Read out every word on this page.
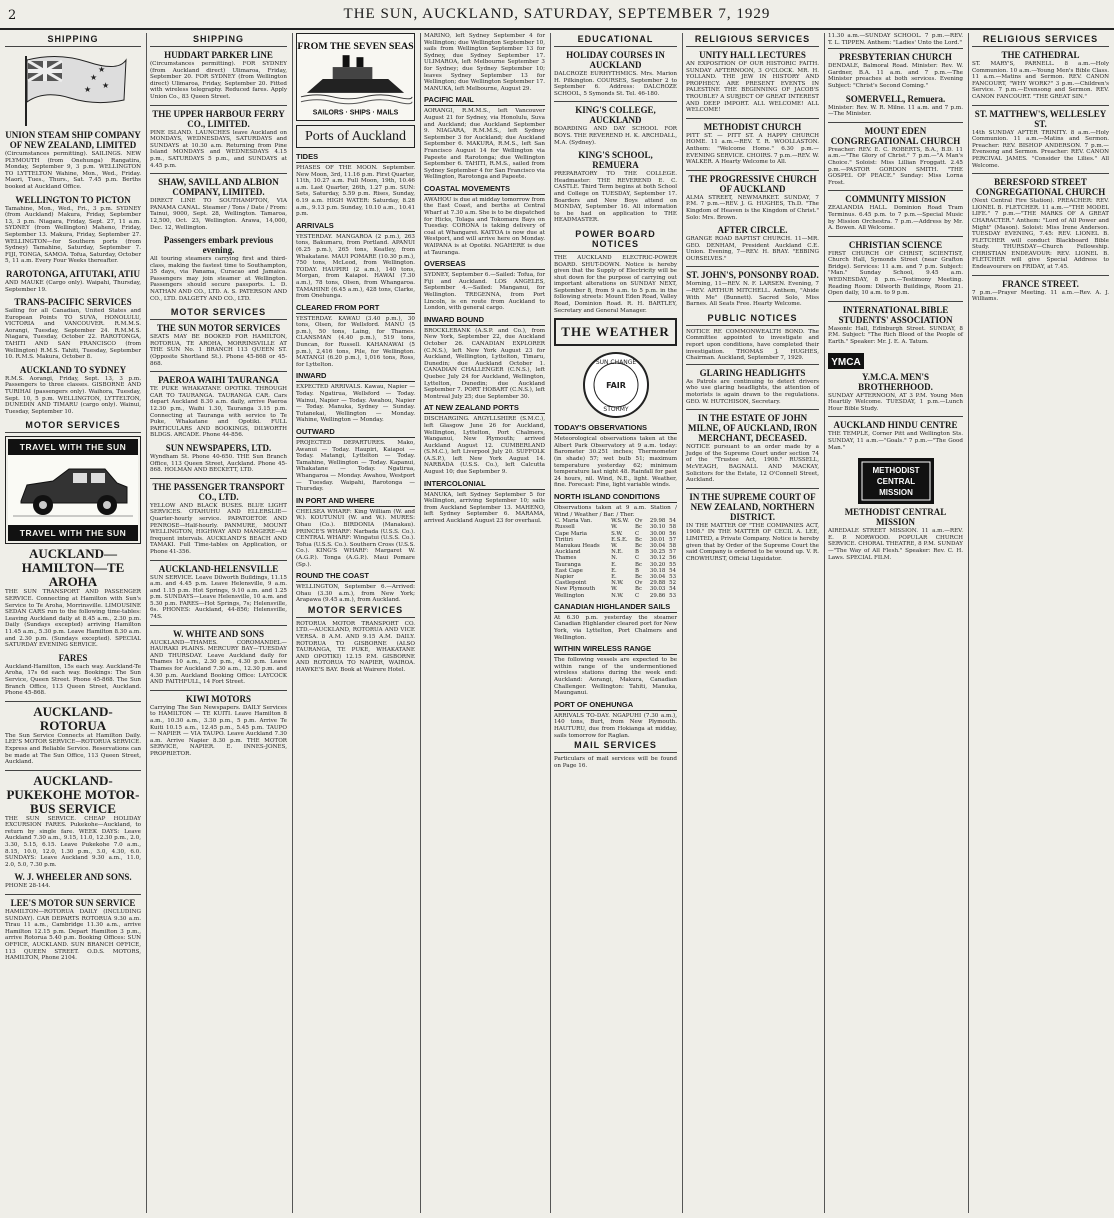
2	THE SUN, AUCKLAND, SATURDAY, SEPTEMBER 7, 1929
SHIPPING
★
★
★
★
UNION STEAM SHIP COMPANY OF NEW ZEALAND, LIMITED
(Circumstances permitting). SAILINGS. NEW PLYMOUTH (from Onehunga) Rangatira, Monday, September 9, 3 p.m. WELLINGTON TO LYTTELTON Wahine, Mon., Wed., Friday. Maori, Tues., Thurs., Sat. 7.45 p.m. Berths booked at Auckland Office.
WELLINGTON TO PICTON
Tamahine, Mon., Wed., Fri., 3 p.m. SYDNEY (from Auckland) Makura, Friday, September 13, 3 p.m. Niagara, Friday, Sept. 27, 11 a.m. SYDNEY (from Wellington) Maheno, Friday, September 13. Makura, Friday, September 27. WELLINGTON—for Southern ports (from Sydney) Tamahine, Saturday, September 7. FIJI, TONGA, SAMOA. Tofua, Saturday, October 5, 11 a.m. Every Four Weeks thereafter.
RAROTONGA, AITUTAKI, ATIU
AND MAUKE (Cargo only). Waipahi, Thursday, September 19.
TRANS-PACIFIC SERVICES
Sailing for all Canadian, United States and European Points TO SUVA, HONOLULU, VICTORIA and VANCOUVER. R.M.M.S. Aorangi, Tuesday, September 24. R.M.M.S. Niagara, Tuesday, October 22. RAROTONGA, TAHITI AND SAN FRANCISCO (from Wellington) R.M.S. Tahiti, Tuesday, September 10. R.M.S. Makura, October 8.
AUCKLAND TO SYDNEY
R.M.S. Aorangi, Friday, Sept. 13, 3 p.m. Passengers to three classes. GISBORNE AND TURIHAI (passengers only). Waihora, Tuesday, Sept. 10, 5 p.m. WELLINGTON, LYTTELTON, DUNEDIN AND TIMARU (cargo only). Wainui, Tuesday, September 10.
MOTOR SERVICES
TRAVEL WITH THE SUN
TRAVEL WITH THE SUN
AUCKLAND—HAMILTON—TE AROHA
THE SUN TRANSPORT AND PASSENGER SERVICE. Connecting at Hamilton with Sun's Service to Te Aroha, Morrinsville. LIMOUSINE SEDAN CARS run to the following time-tables: Leaving Auckland daily at 8.45 a.m., 2.30 p.m. Daily (Sundays excepted) arriving Hamilton 11.45 a.m., 5.30 p.m. Leave Hamilton 8.30 a.m. and 2.30 p.m. (Sundays excepted). SPECIAL SATURDAY EVENING SERVICE.
FARES
Auckland-Hamilton, 15s each way. Auckland-Te Aroha, 17s 6d each way. Bookings: The Sun Service, Queen Street. Phone 45-868. The Sun Branch Office, 113 Queen Street, Auckland. Phone 45-868.
AUCKLAND-ROTORUA
The Sun Service Connects at Hamilton Daily. LEE'S MOTOR SERVICE—ROTORUA SERVICE. Express and Reliable Service. Reservations can be made at The Sun Office, 113 Queen Street, Auckland.
AUCKLAND-PUKEKOHE MOTOR-BUS SERVICE
THE SUN SERVICE. CHEAP HOLIDAY EXCURSION FARES. Pukekohe—Auckland, to return by single fare. WEEK DAYS: Leave Auckland 7.30 a.m., 9.15, 11.0, 12.30 p.m., 2.0, 3.30, 5.15, 6.15. Leave Pukekohe 7.0 a.m., 8.15, 10.0, 12.0, 1.30 p.m., 3.0, 4.30, 6.0. SUNDAYS: Leave Auckland 9.30 a.m., 11.0, 2.0, 5.0, 7.30 p.m.
W. J. WHEELER AND SONS.
PHONE 28-144.
LEE'S MOTOR SUN SERVICE
HAMILTON—ROTORUA DAILY (INCLUDING SUNDAY). CAR DEPARTS ROTORUA 9.30 a.m. Tirau 11 a.m., Cambridge 11.30 a.m., arrive Hamilton 12.15 p.m. Depart Hamilton 3 p.m., arrive Rotorua 5.40 p.m. Booking Offices: SUN OFFICE, AUCKLAND. SUN BRANCH OFFICE, 113 QUEEN STREET. O.D.S. MOTORS, HAMILTON, Phone 2104.
SHIPPING
HUDDART PARKER LINE
(Circumstances permitting). FOR SYDNEY (from Auckland direct) Ulimaroa, Friday, September 20. FOR SYDNEY (from Wellington direct) Ulimaroa, Friday, September 20. Fitted with wireless telegraphy. Reduced fares. Apply Union Co., 83 Queen Street.
THE UPPER HARBOUR FERRY CO., LIMITED.
PINE ISLAND. LAUNCHES leave Auckland on MONDAYS, WEDNESDAYS, SATURDAYS and SUNDAYS at 10.30 a.m. Returning from Pine Island MONDAYS and WEDNESDAYS 4.15 p.m., SATURDAYS 5 p.m., and SUNDAYS at 4.45 p.m.
SHAW, SAVILL AND ALBION COMPANY, LIMITED.
DIRECT LINE TO SOUTHAMPTON, VIA PANAMA CANAL. Steamer / Tons / Date / From: Tainui, 9000, Sept. 28, Wellington. Tamaroa, 12,500, Oct. 23, Wellington. Arawa, 14,000, Dec. 12, Wellington.
Passengers embark previous evening.
All touring steamers carrying first and third-class, making the fastest time to Southampton, 35 days, via Panama, Curacao and Jamaica. Passengers may join steamer at Wellington. Passengers should secure passports. L. D. NATHAN AND CO., LTD. A. S. PATERSON AND CO., LTD. DALGETY AND CO., LTD.
MOTOR SERVICES
THE SUN MOTOR SERVICES
SEATS MAY BE BOOKED FOR HAMILTON, ROTORUA, TE AROHA, MORRINSVILLE AT THE SUN No. 1 BRANCH 113 QUEEN ST. (Opposite Shortland St.). Phone 45-868 or 45-868.
PAEROA WAIHI TAURANGA
TE PUKE WHAKATANE OPOTIKI. THROUGH CAR TO TAURANGA. TAURANGA CAR. Cars depart Auckland 8.30 a.m. daily, arrive Paeroa 12.30 p.m., Waihi 1.30, Tauranga 3.15 p.m. Connecting at Tauranga with service to Te Puke, Whakatane and Opotiki. FULL PARTICULARS AND BOOKINGS, DILWORTH BLDGS. ARCADE. Phone 44-856.
SUN NEWSPAPERS, LTD.
Wyndham St. Phone 40-650. THE Sun Branch Office, 113 Queen Street, Auckland. Phone 45-868. HOLMAN AND BECKETT, LTD.
THE PASSENGER TRANSPORT CO., LTD.
YELLOW AND BLACK BUSES. BLUE LIGHT SERVICES. OTAHUHU AND ELLERSLIE—Quarter-hourly service. PAPATOETOE AND PENROSE—Half-hourly. PANMURE, MOUNT WELLINGTON, HIGHWAY AND MANGERE—At frequent intervals. AUCKLAND'S BEACH AND TAMAKI. Full Time-tables on Application, or Phone 41-356.
AUCKLAND-HELENSVILLE
SUN SERVICE. Leave Dilworth Buildings, 11.15 a.m. and 4.45 p.m. Leave Helensville, 9 a.m. and 1.15 p.m. Hot Springs, 9.10 a.m. and 1.25 p.m. SUNDAYS—Leave Helensville, 10 a.m. and 5.30 p.m. FARES—Hot Springs, 7s; Helensville, 6s. PHONES: Auckland, 44-856; Helensville, 74S.
W. WHITE AND SONS
AUCKLAND—THAMES. COROMANDEL—HAURAKI PLAINS. MERCURY BAY—TUESDAY AND THURSDAY. Leave Auckland daily for Thames 10 a.m., 2.30 p.m., 4.30 p.m. Leave Thames for Auckland 7.30 a.m., 12.30 p.m. and 4.30 p.m. Auckland Booking Office: LAYCOCK AND FAITHFULL, 14 Fort Street.
KIWI MOTORS
Carrying The Sun Newspapers. DAILY Services to HAMILTON — TE KUITI. Leave Hamilton 8 a.m., 10.30 a.m., 3.30 p.m., 5 p.m. Arrive Te Kuiti 10.15 a.m., 12.45 p.m., 5.45 p.m. TAUPO — NAPIER — VIA TAUPO. Leave Auckland 7.30 a.m. Arrive Napier 8.30 p.m. THE MOTOR SERVICE, NAPIER. E. INNES-JONES, PROPRIETOR.
FROM THE SEVEN SEAS
SAILORS · SHIPS · MAILS
Ports of Auckland
TIDES
PHASES OF THE MOON. September. New Moon, 3rd, 11.16 p.m. First Quarter, 11th, 10.27 a.m. Full Moon, 19th, 10.46 a.m. Last Quarter, 26th, 1.27 p.m. SUN: Sets, Saturday, 5.59 p.m. Rises, Sunday, 6.19 a.m. HIGH WATER: Saturday, 8.28 a.m., 9.13 p.m. Sunday, 10.10 a.m., 10.41 p.m.
ARRIVALS
YESTERDAY. MANGAROA (2 p.m.), 263 tons, Bakumaru, from Portland. APANUI (6.25 p.m.), 265 tons, Keatley, from Whakatane. MAUI POMARE (10.30 p.m.), 750 tons, McLeod, from Wellington. TODAY. HAUPIRI (2 a.m.), 140 tons, Morgan, from Kaiapoi. HAWAI (7.30 a.m.), 78 tons, Olsen, from Whangaroa. TAMAHINE (6.45 a.m.), 428 tons, Clarke, from Onehunga.
CLEARED FROM PORT
YESTERDAY. KAWAU (3.40 p.m.), 30 tons, Olsen, for Wellsford. MANU (5 p.m.), 50 tons, Laing, for Thames. CLANSMAN (4.40 p.m.), 519 tons, Duncan, for Russell. KAHANAWAI (5 p.m.), 2,416 tons, Pile, for Wellington. MATANGI (6.20 p.m.), 1,016 tons, Ross, for Lyttelton.
INWARD
EXPECTED ARRIVALS. Kawau, Napier — Today. Ngatirua, Wellsford — Today. Wainui, Napier — Today. Awahou, Napier — Today. Manuka, Sydney — Sunday. Tutanekai, Wellington — Monday. Wahine, Wellington — Monday.
OUTWARD
PROJECTED DEPARTURES. Mako, Awanui — Today. Haupiri, Kaiapoi — Today. Matangi, Lyttelton — Today. Tamahine, Wellington — Today. Kapanui, Whakatane — Today. Ngatirua, Whangaroa — Monday. Awahou, Westport — Tuesday. Waipahi, Rarotonga — Thursday.
IN PORT AND WHERE
CHELSEA WHARF: King William (W. and W.). KOUTUNUI (W. and W.). MURES: Ohau (Co.). BIRDONIA (Manakau). PRINCE'S WHARF: Narbada (U.S.S. Co.). CENTRAL WHARF: Wingatui (U.S.S. Co.). Tofua (U.S.S. Co.). Southern Cross (U.S.S. Co.). KING'S WHARF: Margaret W. (A.G.P.). Tonga (A.G.P.). Maui Pomare (Sp.).
ROUND THE COAST
WELLINGTON, September 6.—Arrived: Ohau (3.30 a.m.), from New York; Arapawa (9.45 a.m.), from Auckland.
MOTOR SERVICES
ROTORUA MOTOR TRANSPORT CO. LTD.—AUCKLAND, ROTORUA AND VICE VERSA. 8 A.M. AND 9.15 A.M. DAILY. ROTORUA TO GISBORNE (ALSO TAURANGA, TE PUKE, WHAKATANE AND OPOTIKI) 12.15 P.M. GISBORNE AND ROTORUA TO NAPIER, WAIROA. HAWKE'S BAY. Book at Wairere Hotel.
MARINO, left Sydney September 4 for Wellington; due Wellington September 10, sails from Wellington September 13 for Sydney, due Sydney September 17. ULIMAROA, left Melbourne September 3 for Sydney; due Sydney September 10; leaves Sydney September 13 for Wellington; due Wellington September 17. MANUKA, left Melbourne, August 29.
PACIFIC MAIL
AORANGI, R.M.M.S., left Vancouver August 21 for Sydney, via Honolulu, Suva and Auckland; due Auckland September 9. NIAGARA, R.M.M.S., left Sydney September 3 for Auckland; due Auckland September 6. MAKURA, R.M.S., left San Francisco August 14 for Wellington via Papeete and Rarotonga; due Wellington September 6. TAHITI, R.M.S., sailed from Sydney September 4 for San Francisco via Wellington, Rarotonga and Papeete.
COASTAL MOVEMENTS
AWAHOU is due at midday tomorrow from the East Coast, and berths at Central Wharf at 7.30 a.m. She is to be dispatched for Hicks, Tolaga and Tokomaru Bays on Tuesday. CORONA is taking delivery of coal at Whangarei. KAITOA is now due at Westport, and will arrive here on Monday. WAIPANA is at Opotiki. NGAHERE is due at Tauranga.
OVERSEAS
SYDNEY, September 6.—Sailed: Tofua, for Fiji and Auckland. LOS ANGELES, September 4.—Sailed: Manganui, for Wellington. TREGENNA, from Port Lincoln, is en route from Auckland to London, with general cargo.
INWARD BOUND
BROCKLEBANK (A.S.P. and Co.), from New York, September 22, due Auckland October 26. CANADIAN EXPLORER (C.N.S.), left New York August 23 for Auckland, Wellington, Lyttelton, Timaru, Dunedin; due Auckland October 1. CANADIAN CHALLENGER (C.N.S.), left Quebec July 24 for Auckland, Wellington, Lyttelton, Dunedin; due Auckland September 7. PORT HOBART (C.N.S.), left Montreal July 25; due September 30.
AT NEW ZEALAND PORTS
DISCHARGING. ARGYLLSHIRE (S.M.C.), left Glasgow June 26 for Auckland, Wellington, Lyttelton, Port Chalmers, Wanganui, New Plymouth; arrived Auckland August 12. CUMBERLAND (S.M.C.), left Liverpool July 20. SUFFOLK (A.S.P.), left New York August 14. NARBADA (U.S.S. Co.), left Calcutta August 10; due September 9.
INTERCOLONIAL
MANUKA, left Sydney September 5 for Wellington, arriving September 10; sails from Auckland September 13. MAHENO, left Sydney September 6. MARAMA, arrived Auckland August 23 for overhaul.
EDUCATIONAL
HOLIDAY COURSES IN AUCKLAND
DALCROZE EURHYTHMICS. Mrs. Marion H. Pilkington. COURSES, September 2 to September 6. Address: DALCROZE SCHOOL, 5 Symonds St. Tel. 46-180.
KING'S COLLEGE, AUCKLAND
BOARDING AND DAY SCHOOL FOR BOYS. THE REVEREND H. K. ARCHDALL, M.A. (Sydney).
KING'S SCHOOL, REMUERA
PREPARATORY TO THE COLLEGE. Headmaster: THE REVEREND E. C. CASTLE. Third Term begins at both School and College on TUESDAY, September 17. Boarders and New Boys attend on MONDAY, September 16. All information to be had on application to THE HEADMASTER.
POWER BOARD NOTICES
THE AUCKLAND ELECTRIC-POWER BOARD. SHUT-DOWN. Notice is hereby given that the Supply of Electricity will be shut down for the purpose of carrying out important alterations on SUNDAY NEXT, September 8, from 9 a.m. to 5 p.m. in the following streets: Mount Eden Road, Valley Road, Dominion Road. R. H. BARTLEY, Secretary and General Manager.
THE WEATHER
SUN CHANGE
FAIR
STORMY
TODAY'S OBSERVATIONS
Meteorological observations taken at the Albert Park Observatory at 9 a.m. today: Barometer 30.251 inches; Thermometer (in shade) 57; wet bulb 51; maximum temperature yesterday 62; minimum temperature last night 48. Rainfall for past 24 hours, nil. Wind, N.E., light. Weather, fine. Forecast: Fine, light variable winds.
NORTH ISLAND CONDITIONS
Observations taken at 9 a.m. Station / Wind / Weather / Bar. / Ther.
C. Maria Van.	W.S.W.	Ov	29.98	54
Russell	W.	Bc	30.10	58
Cape Maria	S.W.	C	30.00	56
Tiritiri	E.S.E.	Bc	30.01	57
Manukau Heads	W.	Bc	30.04	58
Auckland	N.E.	B	30.25	57
Thames	N.	C	30.12	56
Tauranga	E.	Bc	30.20	55
East Cape	E.	B	30.18	54
Napier	E.	Bc	30.04	53
Castlepoint	N.W.	Ov	29.88	52
New Plymouth	W.	Bc	30.03	54
Wellington	N.W.	C	29.86	53
CANADIAN HIGHLANDER SAILS
At 6.30 p.m. yesterday the steamer Canadian Highlander cleared port for New York, via Lyttelton, Port Chalmers and Wellington.
WITHIN WIRELESS RANGE
The following vessels are expected to be within range of the undermentioned wireless stations during the week end: Auckland: Aorangi, Makura, Canadian Challenger. Wellington: Tahiti, Manuka, Maunganui.
PORT OF ONEHUNGA
ARRIVALS TO-DAY. NGAPUHI (7.30 a.m.), 140 tons, Burt, from New Plymouth. HAUTURU, due from Hokianga at midday, sails tomorrow for Raglan.
MAIL SERVICES
Particulars of mail services will be found on Page 16.
RELIGIOUS SERVICES
UNITY HALL LECTURES
AN EXPOSITION OF OUR HISTORIC FAITH. SUNDAY AFTERNOON, 3 O'CLOCK. MR. H. YOLLAND. THE JEW IN HISTORY AND PROPHECY. ARE PRESENT EVENTS IN PALESTINE THE BEGINNING OF JACOB'S TROUBLE? A SUBJECT OF GREAT INTEREST AND DEEP IMPORT. ALL WELCOME! ALL WELCOME!
METHODIST CHURCH
PITT ST. — PITT ST. A HAPPY CHURCH HOME. 11 a.m.—REV. T. R. WOOLLASTON. Anthem: "Welcome Home." 6.30 p.m.—EVENING SERVICE. CHOIRS. 7 p.m.—REV. W. WALKER. A Hearty Welcome to All.
THE PROGRESSIVE CHURCH OF AUCKLAND
ALMA STREET, NEWMARKET. SUNDAY, 7 P.M. 7 p.m.—REV. J. G. HUGHES, Th.D. "The Kingdom of Heaven is the Kingdom of Christ." Solo: Mrs. Brown.
AFTER CIRCLE.
GRANGE ROAD BAPTIST CHURCH. 11—MR. GEO. DENHAM, President Auckland C.E. Union. Evening, 7—REV. H. BRAY. "EBBING OURSELVES."
ST. JOHN'S, PONSONBY ROAD.
Morning, 11—REV. N. F. LARSEN. Evening, 7—REV. ARTHUR MITCHELL. Anthem, "Abide With Me" (Bunnett). Sacred Solo, Miss Barnes. All Seats Free. Hearty Welcome.
PUBLIC NOTICES
NOTICE RE COMMONWEALTH BOND. The Committee appointed to investigate and report upon conditions, have completed their investigation. THOMAS J. HUGHES, Chairman. Auckland, September 7, 1929.
GLARING HEADLIGHTS
As Patrols are continuing to detect drivers who use glaring headlights, the attention of motorists is again drawn to the regulations. GEO. W. HUTCHISON, Secretary.
IN THE ESTATE OF JOHN MILNE, OF AUCKLAND, IRON MERCHANT, DECEASED.
NOTICE pursuant to an order made by a Judge of the Supreme Court under section 74 of the "Trustee Act, 1908." RUSSELL, McVEAGH, BAGNALL AND MACKAY, Solicitors for the Estate, 12 O'Connell Street, Auckland.
IN THE SUPREME COURT OF NEW ZEALAND, NORTHERN DISTRICT.
IN THE MATTER OF "THE COMPANIES ACT, 1908." IN THE MATTER OF CECIL A. LEE, LIMITED, a Private Company. Notice is hereby given that by Order of the Supreme Court the said Company is ordered to be wound up. V. R. CROWHURST, Official Liquidator.
11.30 a.m.—SUNDAY SCHOOL. 7 p.m.—REV. T. L. TIPPEN. Anthem: "Ladies' Unto the Lord."
PRESBYTERIAN CHURCH
DENDALE, Balmoral Road. Minister: Rev. W. Gardner, B.A. 11 a.m. and 7 p.m.—The Minister preaches at both services. Evening Subject: "Christ's Second Coming."
SOMERVELL, Remuera.
Minister: Rev. W. R. Milne. 11 a.m. and 7 p.m.—The Minister.
MOUNT EDEN CONGREGATIONAL CHURCH
Preacher: REV. E. C. ROBERTS, B.A., B.D. 11 a.m.—"The Glory of Christ." 7 p.m.—"A Man's Choice." Soloist: Miss Lillian Froggatt. 2.45 p.m.—PASTOR GORDON SMITH. "THE GOSPEL OF PEACE." Sunday: Miss Lorna Frost.
COMMUNITY MISSION
ZEALANDIA HALL. Dominion Road Tram Terminus. 6.45 p.m. to 7 p.m.—Special Music by Mission Orchestra. 7 p.m.—Address by Mr. A. Bowen. All Welcome.
CHRISTIAN SCIENCE
FIRST CHURCH OF CHRIST, SCIENTIST, Church Hall, Symonds Street (near Grafton Bridge). Services: 11 a.m. and 7 p.m. Subject: "Man." Sunday School, 9.45 a.m. WEDNESDAY, 8 p.m.—Testimony Meeting. Reading Room: Dilworth Buildings, Room 21. Open daily, 10 a.m. to 9 p.m.
INTERNATIONAL BIBLE STUDENTS' ASSOCIATION
Masonic Hall, Edinburgh Street. SUNDAY, 8 P.M. Subject: "The Rich Blood of the People of Earth." Speaker: Mr. J. E. A. Tatum.
YMCA
Y.M.C.A. MEN'S BROTHERHOOD.
SUNDAY AFTERNOON, AT 3 P.M. Young Men Heartily Welcome. TUESDAY, 1 p.m.—Lunch Hour Bible Study.
AUCKLAND HINDU CENTRE
THE TEMPLE, Corner Pitt and Wellington Sts. SUNDAY, 11 a.m.—"Goals." 7 p.m.—"The Good Man."
METHODIST
CENTRAL
MISSION
METHODIST CENTRAL MISSION
AIREDALE STREET MISSION. 11 a.m.—REV. E. P. NORWOOD. POPULAR CHURCH SERVICE. CHORAL THEATRE, 8 P.M. SUNDAY—"The Way of All Flesh." Speaker: Rev. C. H. Laws. SPECIAL FILM.
RELIGIOUS SERVICES
THE CATHEDRAL
ST. MARY'S, PARNELL. 8 a.m.—Holy Communion. 10 a.m.—Young Men's Bible Class. 11 a.m.—Matins and Sermon. REV. CANON FANCOURT, "WHY WORK?" 3 p.m.—Children's Service. 7 p.m.—Evensong and Sermon. REV. CANON FANCOURT. "THE GREAT SIN."
ST. MATTHEW'S, WELLESLEY ST.
14th SUNDAY AFTER TRINITY. 8 a.m.—Holy Communion. 11 a.m.—Matins and Sermon. Preacher: REV. BISHOP ANDERSON. 7 p.m.—Evensong and Sermon. Preacher: REV. CANON PERCIVAL JAMES. "Consider the Lilies." All Welcome.
BERESFORD STREET CONGREGATIONAL CHURCH
(Next Central Fire Station). PREACHER: REV. LIONEL B. FLETCHER. 11 a.m.—"THE MODEL LIFE." 7 p.m.—"THE MARKS OF A GREAT CHARACTER." Anthem: "Lord of All Power and Might" (Mason). Soloist: Miss Irene Anderson. TUESDAY EVENING, 7.45: REV. LIONEL B. FLETCHER will conduct Blackboard Bible Study. THURSDAY—Church Fellowship. CHRISTIAN ENDEAVOUR: REV. LIONEL B. FLETCHER will give Special Address to Endeavourers on FRIDAY, at 7.45.
FRANCE STREET.
7 p.m.—Prayer Meeting. 11 a.m.—Rev. A. J. Williams.
